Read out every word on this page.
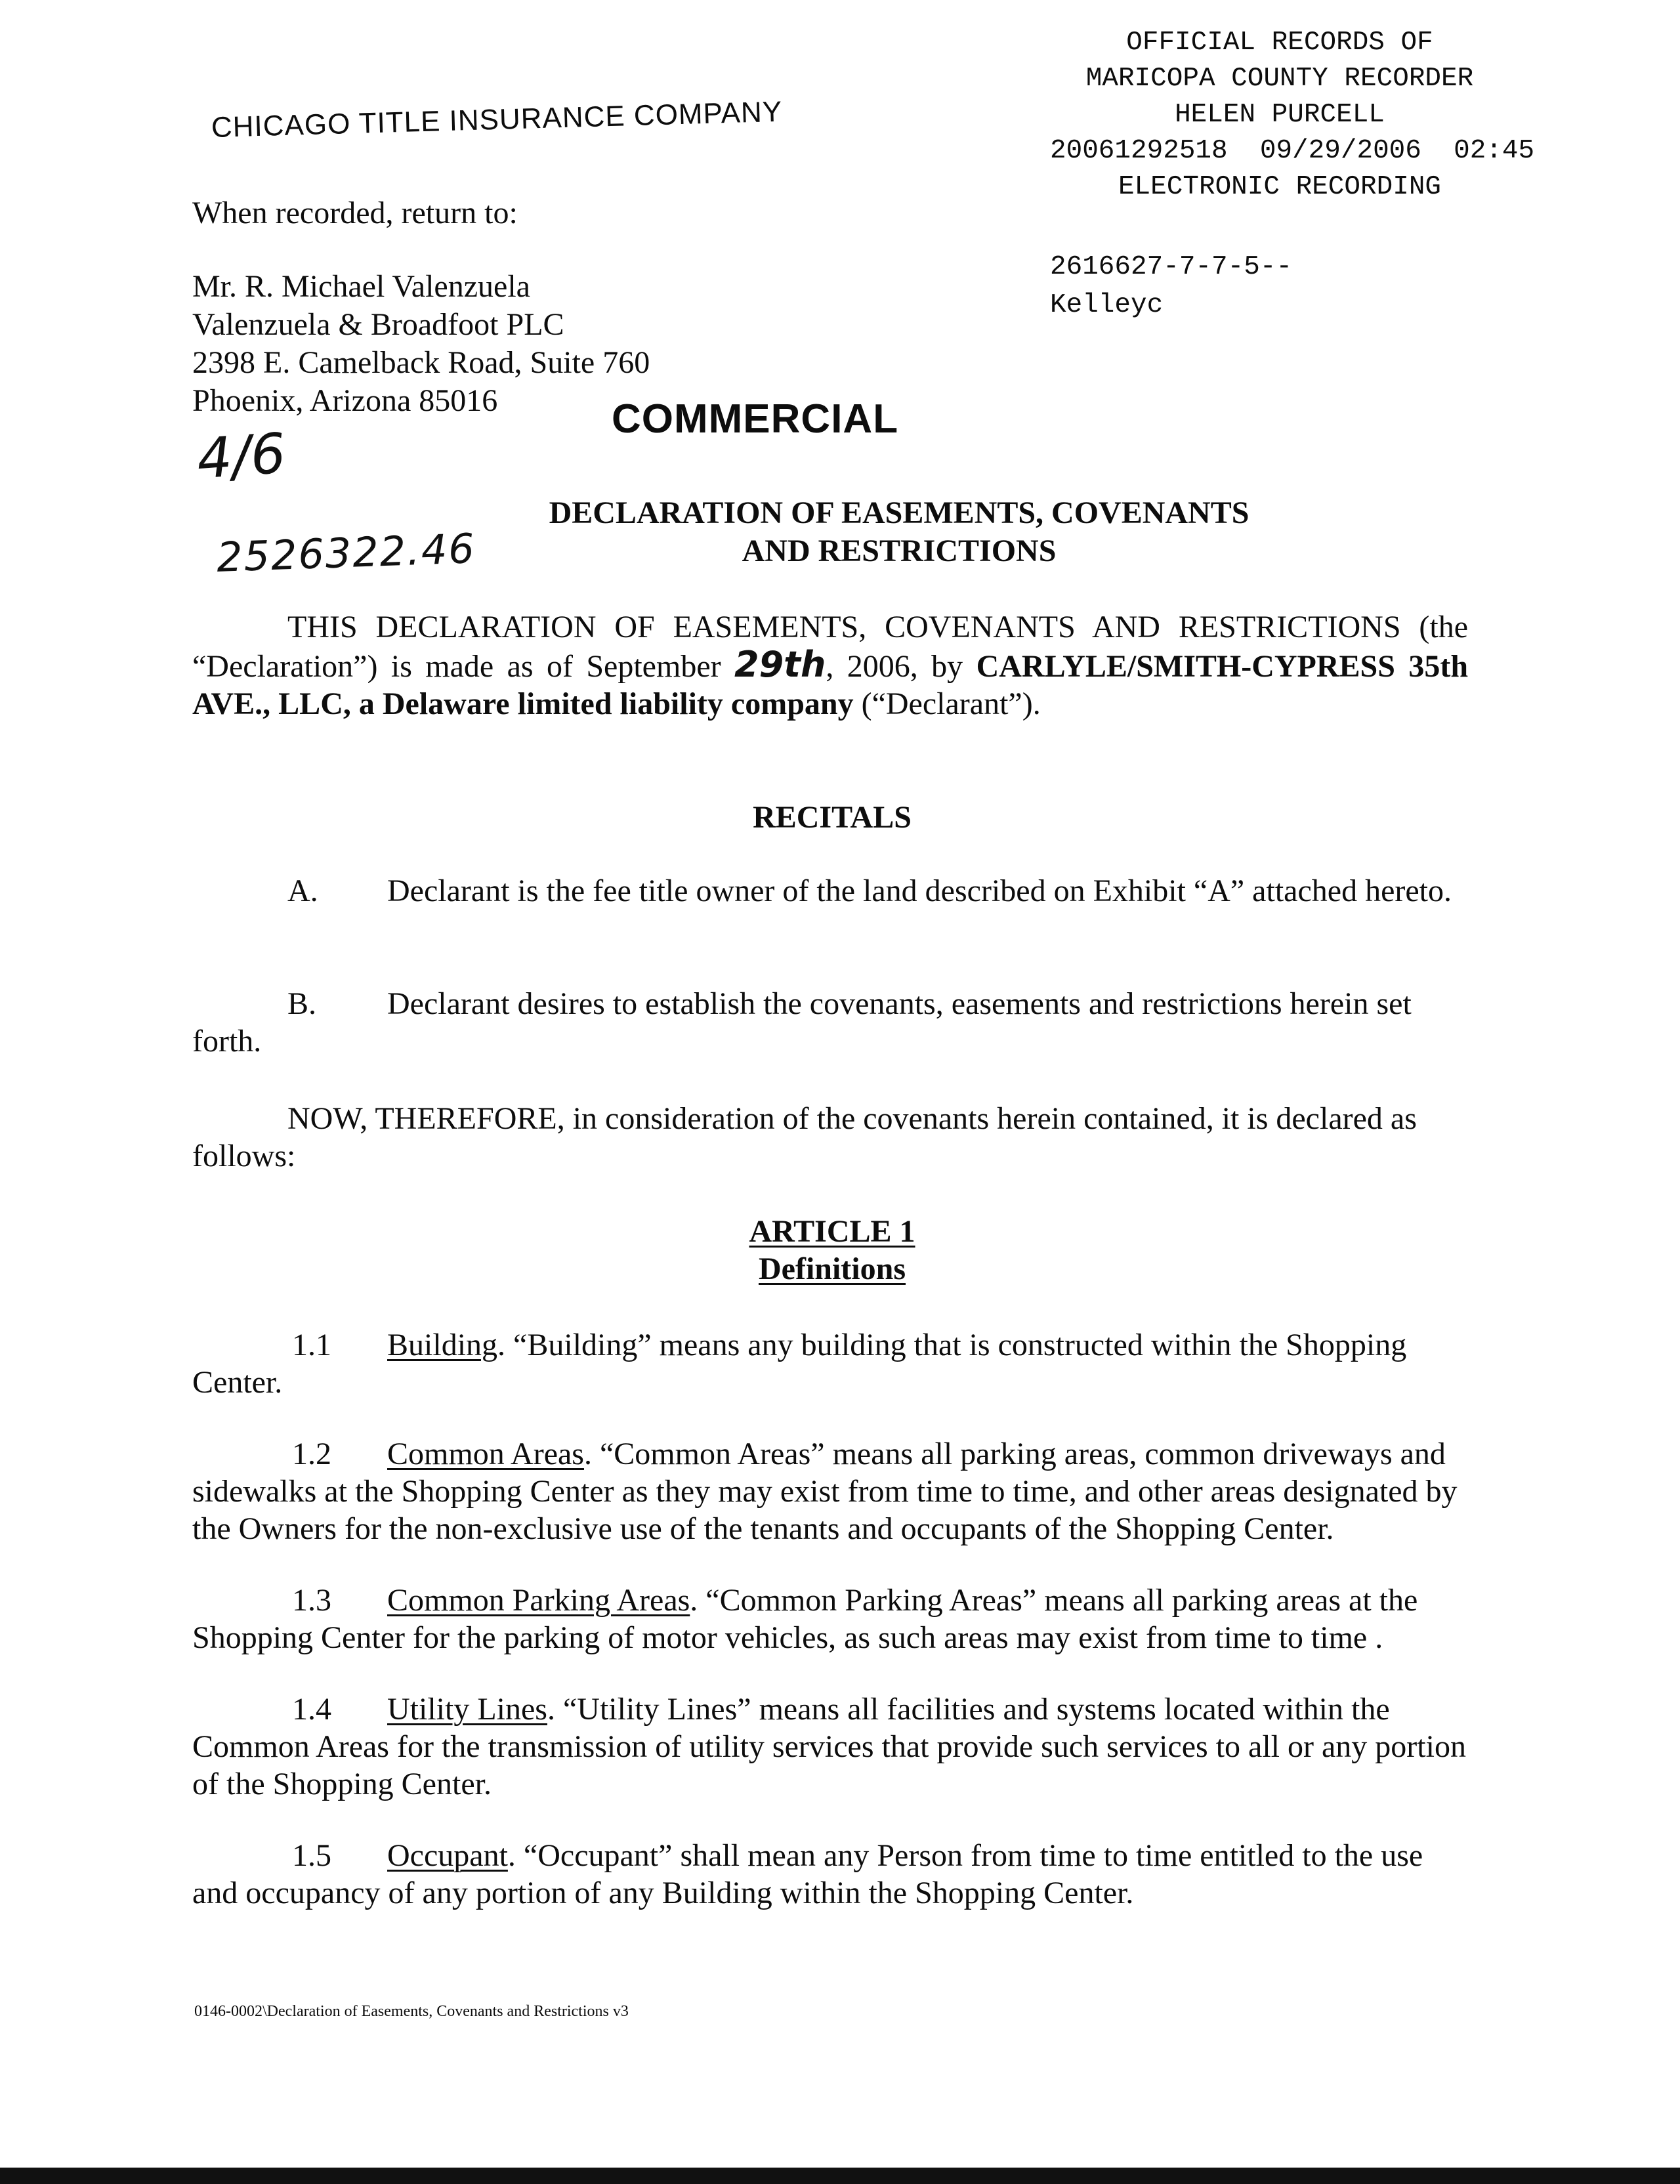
OFFICIAL RECORDS OF
MARICOPA COUNTY RECORDER
HELEN PURCELL
20061292518  09/29/2006  02:45
ELECTRONIC RECORDING
2616627-7-7-5--
Kelleyc
CHICAGO TITLE INSURANCE COMPANY
When recorded, return to:
Mr. R. Michael Valenzuela
Valenzuela & Broadfoot PLC
2398 E. Camelback Road, Suite 760
Phoenix, Arizona 85016	COMMERCIAL
4/6
2526322.46
DECLARATION OF EASEMENTS, COVENANTS
AND RESTRICTIONS
THIS DECLARATION OF EASEMENTS, COVENANTS AND RESTRICTIONS (the “Declaration”) is made as of September 29th, 2006, by CARLYLE/SMITH-CYPRESS 35th AVE., LLC, a Delaware limited liability company (“Declarant”).
RECITALS
A. Declarant is the fee title owner of the land described on Exhibit “A” attached hereto.
B. Declarant desires to establish the covenants, easements and restrictions herein set forth.
NOW, THEREFORE, in consideration of the covenants herein contained, it is declared as follows:
ARTICLE 1
Definitions
1.1 Building. “Building” means any building that is constructed within the Shopping Center.
1.2 Common Areas. “Common Areas” means all parking areas, common driveways and sidewalks at the Shopping Center as they may exist from time to time, and other areas designated by the Owners for the non-exclusive use of the tenants and occupants of the Shopping Center.
1.3 Common Parking Areas. “Common Parking Areas” means all parking areas at the Shopping Center for the parking of motor vehicles, as such areas may exist from time to time .
1.4 Utility Lines. “Utility Lines” means all facilities and systems located within the Common Areas for the transmission of utility services that provide such services to all or any portion of the Shopping Center.
1.5 Occupant. “Occupant” shall mean any Person from time to time entitled to the use and occupancy of any portion of any Building within the Shopping Center.
0146-0002\Declaration of Easements, Covenants and Restrictions v3
